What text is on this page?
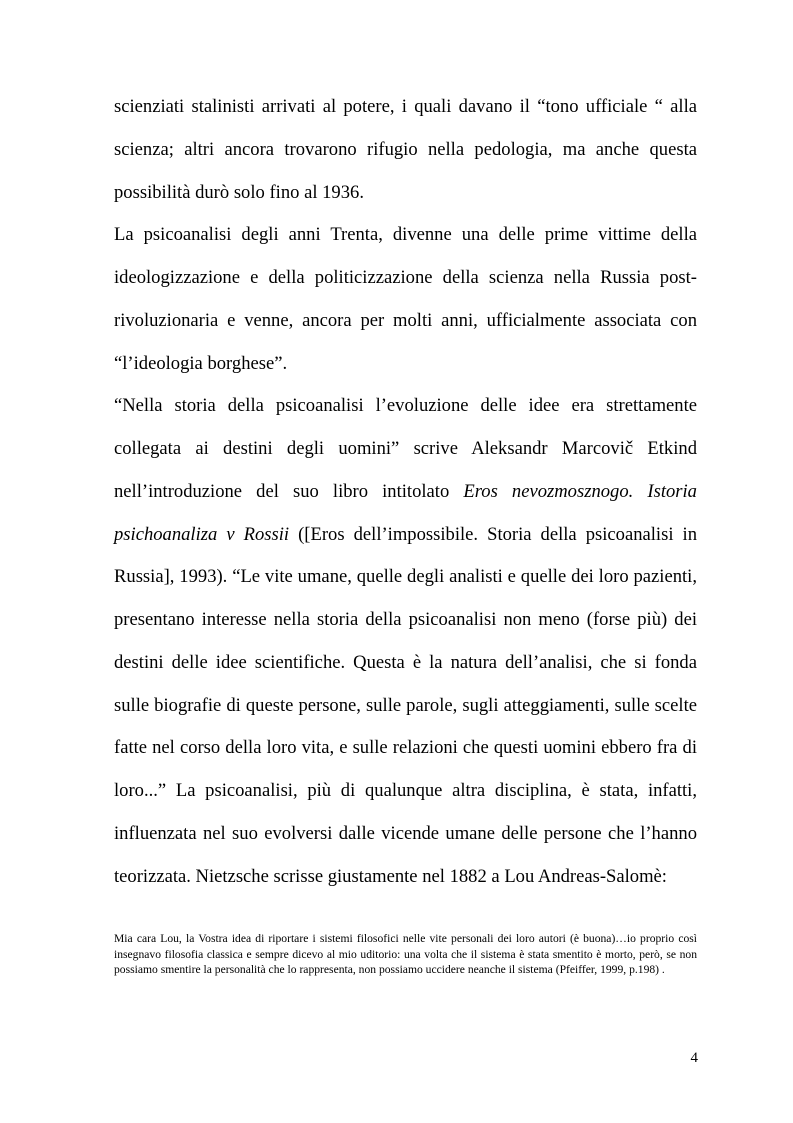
scienziati stalinisti arrivati al potere, i quali davano il “tono ufficiale “ alla scienza; altri ancora trovarono rifugio nella pedologia, ma anche questa possibilità durò solo fino al 1936.

La psicoanalisi degli anni Trenta, divenne una delle prime vittime della ideologizzazione e della politicizzazione della scienza nella Russia post-rivoluzionaria e venne, ancora per molti anni, ufficialmente associata con “l’ideologia borghese”.

“Nella storia della psicoanalisi l’evoluzione delle idee era strettamente collegata ai destini degli uomini” scrive Aleksandr Marcovič Etkind nell’introduzione del suo libro intitolato Eros nevozmosznogo. Istoria psichoanaliza v Rossii ([Eros dell’impossibile. Storia della psicoanalisi in Russia], 1993). “Le vite umane, quelle degli analisti e quelle dei loro pazienti, presentano interesse nella storia della psicoanalisi non meno (forse più) dei destini delle idee scientifiche. Questa è la natura dell’analisi, che si fonda sulle biografie di queste persone, sulle parole, sugli atteggiamenti, sulle scelte fatte nel corso della loro vita, e sulle relazioni che questi uomini ebbero fra di loro...” La psicoanalisi, più di qualunque altra disciplina, è stata, infatti, influenzata nel suo evolversi dalle vicende umane delle persone che l’hanno teorizzata. Nietzsche scrisse giustamente nel 1882 a Lou Andreas-Salomè:

Mia cara Lou, la Vostra idea di riportare i sistemi filosofici nelle vite personali dei loro autori (è buona)…io proprio così insegnavo filosofia classica e sempre dicevo al mio uditorio: una volta che il sistema è stata smentito è morto, però, se non possiamo smentire la personalità che lo rappresenta, non possiamo uccidere neanche il sistema (Pfeiffer, 1999, p.198) .

4
